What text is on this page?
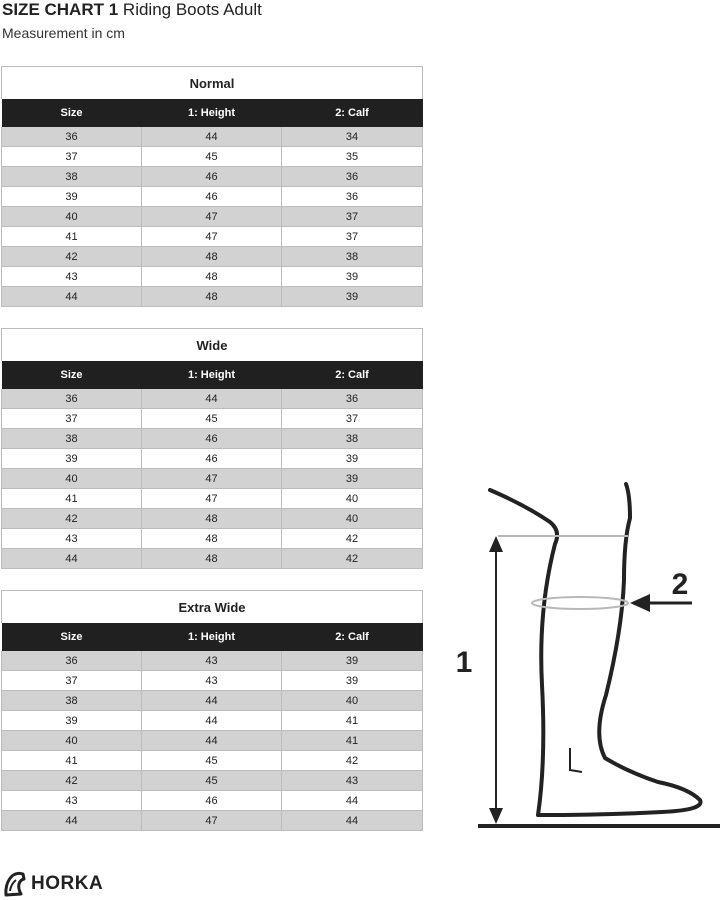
SIZE CHART 1 Riding Boots Adult
Measurement in cm
Normal		
Size	1: Height	2: Calf
36	44	34
37	45	35
38	46	36
39	46	36
40	47	37
41	47	37
42	48	38
43	48	39
44	48	39
Wide		
Size	1: Height	2: Calf
36	44	36
37	45	37
38	46	38
39	46	39
40	47	39
41	47	40
42	48	40
43	48	42
44	48	42
Extra Wide		
Size	1: Height	2: Calf
36	43	39
37	43	39
38	44	40
39	44	41
40	44	41
41	45	42
42	45	43
43	46	44
44	47	44
1
2
HORKA
